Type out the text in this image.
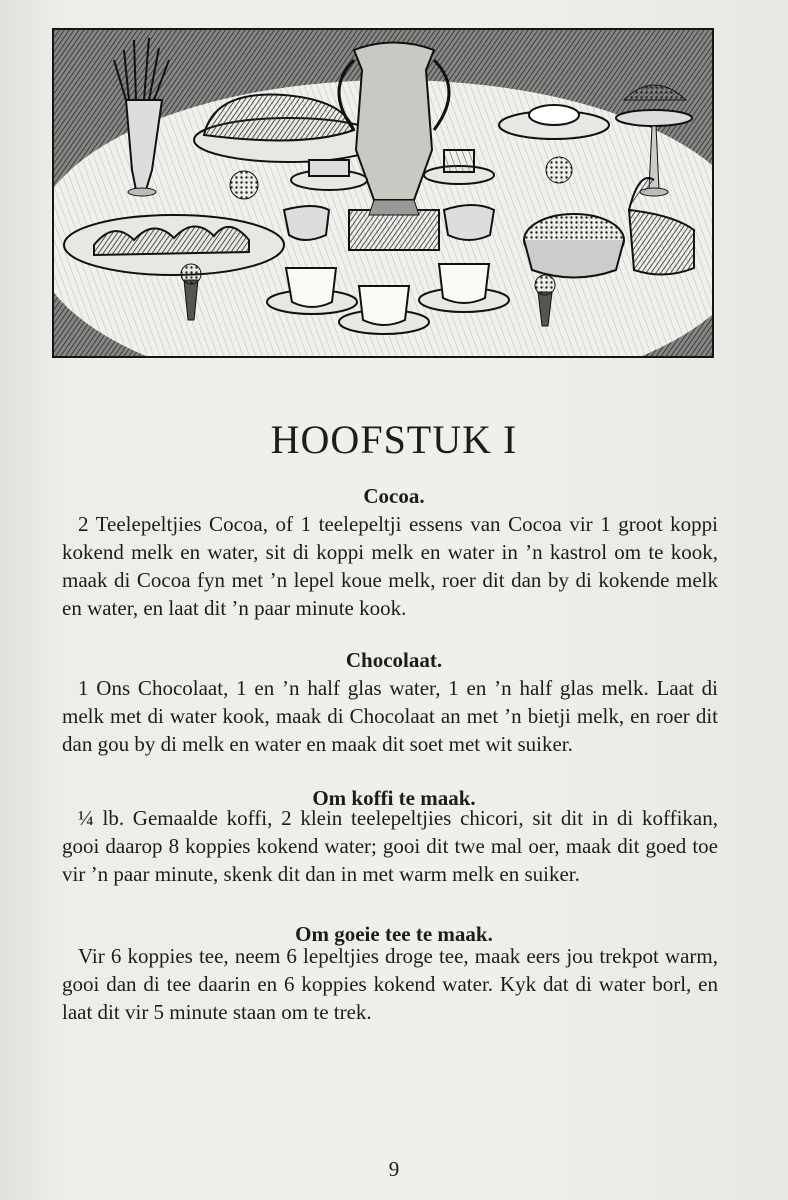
HOOFSTUK I
Cocoa.

2 Teelepeltjies Cocoa, of 1 teelepeltji essens van Cocoa vir 1 groot koppi kokend melk en water, sit di koppi melk en water in ’n kastrol om te kook, maak di Cocoa fyn met ’n lepel koue melk, roer dit dan by di kokende melk en water, en laat dit ’n paar minute kook.

Chocolaat.

1 Ons Chocolaat, 1 en ’n half glas water, 1 en ’n half glas melk. Laat di melk met di water kook, maak di Chocolaat an met ’n bietji melk, en roer dit dan gou by di melk en water en maak dit soet met wit suiker.

Om koffi te maak.

¼ lb. Gemaalde koffi, 2 klein teelepeltjies chicori, sit dit in di koffikan, gooi daarop 8 koppies kokend water; gooi dit twe mal oer, maak dit goed toe vir ’n paar minute, skenk dit dan in met warm melk en suiker.

Om goeie tee te maak.

Vir 6 koppies tee, neem 6 lepeltjies droge tee, maak eers jou trekpot warm, gooi dan di tee daarin en 6 koppies kokend water. Kyk dat di water borl, en laat dit vir 5 minute staan om te trek.

9
